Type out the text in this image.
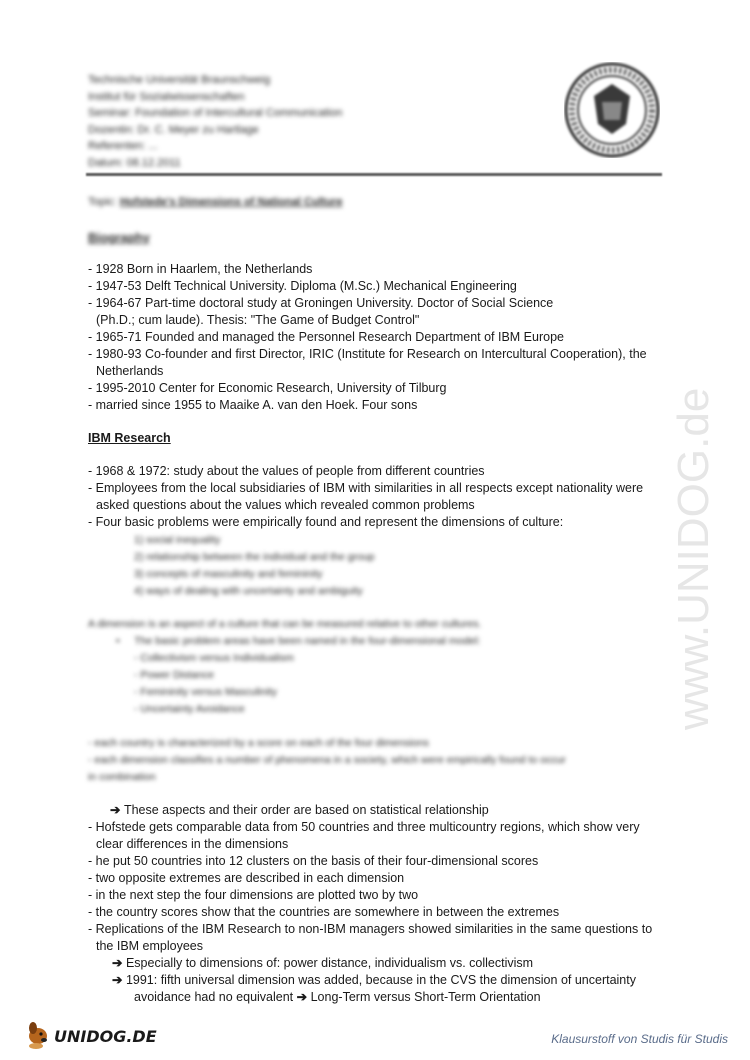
Technische Universität Braunschweig
Institut für Sozialwissenschaften
Seminar: Foundation of Intercultural Communication
Dozentin: Dr. C. Meyer zu Hartlage
Referenten: ...
Datum: 08.12.2011
Topic: Hofstede's Dimensions of National Culture
Biography
- 1928 Born in Haarlem, the Netherlands
- 1947-53 Delft Technical University. Diploma (M.Sc.) Mechanical Engineering
- 1964-67 Part-time doctoral study at Groningen University. Doctor of Social Science
(Ph.D.; cum laude). Thesis: "The Game of Budget Control"
- 1965-71 Founded and managed the Personnel Research Department of IBM Europe
- 1980-93 Co-founder and first Director, IRIC (Institute for Research on Intercultural Cooperation), the
Netherlands
- 1995-2010 Center for Economic Research, University of Tilburg
- married since 1955 to Maaike A. van den Hoek. Four sons
IBM Research
- 1968 & 1972: study about the values of people from different countries
- Employees from the local subsidiaries of IBM with similarities in all respects except nationality were
asked questions about the values which revealed common problems
- Four basic problems were empirically found and represent the dimensions of culture:
1) social inequality
2) relationship between the individual and the group
3) concepts of masculinity and femininity
4) ways of dealing with uncertainty and ambiguity
A dimension is an aspect of a culture that can be measured relative to other cultures.
•     The basic problem areas have been named in the four-dimensional model:
- Collectivism versus Individualism
- Power Distance
- Femininity versus Masculinity
- Uncertainty Avoidance
- each country is characterized by a score on each of the four dimensions
- each dimension classifies a number of phenomena in a society, which were empirically found to occur
in combination
➔ These aspects and their order are based on statistical relationship
- Hofstede gets comparable data from 50 countries and three multicountry regions, which show very
clear differences in the dimensions
- he put 50 countries into 12 clusters on the basis of their four-dimensional scores
- two opposite extremes are described in each dimension
- in the next step the four dimensions are plotted two by two
- the country scores show that the countries are somewhere in between the extremes
- Replications of the IBM Research to non-IBM managers showed similarities in the same questions to
the IBM employees
➔ Especially to dimensions of: power distance, individualism vs. collectivism
➔ 1991: fifth universal dimension was added, because in the CVS the dimension of uncertainty
avoidance had no equivalent ➔ Long-Term versus Short-Term Orientation
www.UNIDOG.de
UNIDOG.DE	Klausurstoff von Studis für Studis
